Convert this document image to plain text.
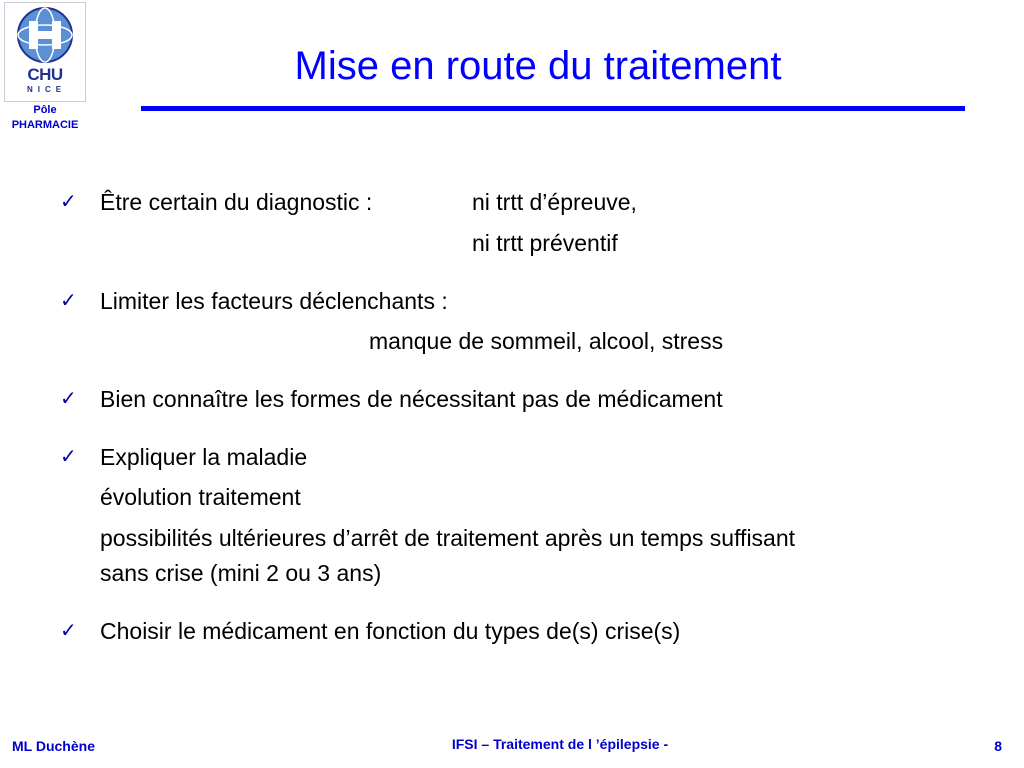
CHU
NICE
Pôle
PHARMACIE
Mise en route du traitement
✓ Être certain du diagnostic :	ni trtt d’épreuve,
ni trtt préventif
✓ Limiter les facteurs déclenchants :
manque de sommeil, alcool, stress
✓ Bien connaître les formes de nécessitant pas de médicament
✓ Expliquer la maladie
évolution traitement
possibilités ultérieures d’arrêt de traitement après un temps suffisant
sans crise (mini 2 ou 3 ans)
✓ Choisir le médicament en fonction du types de(s) crise(s)
ML Duchène	IFSI – Traitement de l ’épilepsie -	8
